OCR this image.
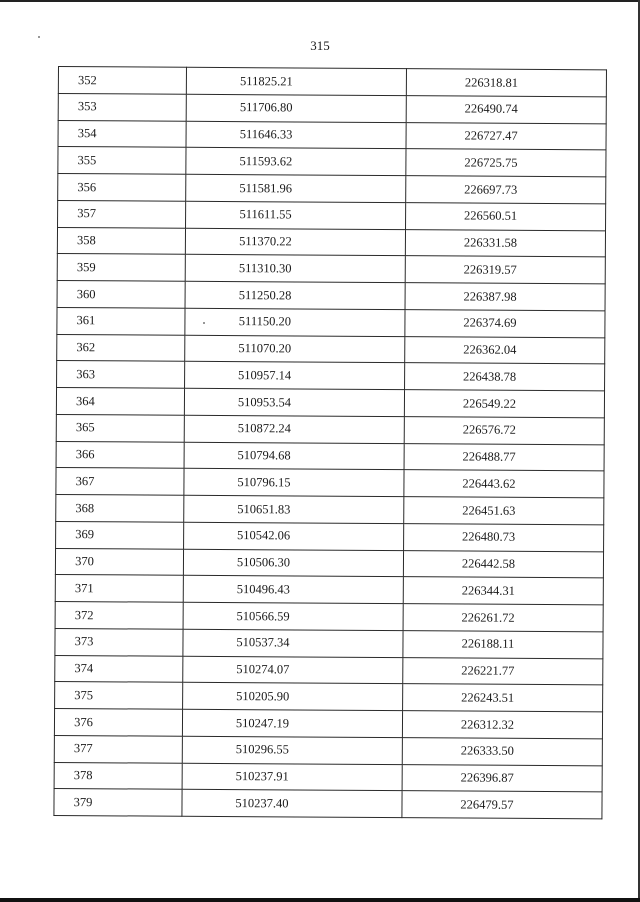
315
352	511825.21	226318.81
353	511706.80	226490.74
354	511646.33	226727.47
355	511593.62	226725.75
356	511581.96	226697.73
357	511611.55	226560.51
358	511370.22	226331.58
359	511310.30	226319.57
360	511250.28	226387.98
361	511150.20	226374.69
362	511070.20	226362.04
363	510957.14	226438.78
364	510953.54	226549.22
365	510872.24	226576.72
366	510794.68	226488.77
367	510796.15	226443.62
368	510651.83	226451.63
369	510542.06	226480.73
370	510506.30	226442.58
371	510496.43	226344.31
372	510566.59	226261.72
373	510537.34	226188.11
374	510274.07	226221.77
375	510205.90	226243.51
376	510247.19	226312.32
377	510296.55	226333.50
378	510237.91	226396.87
379	510237.40	226479.57
